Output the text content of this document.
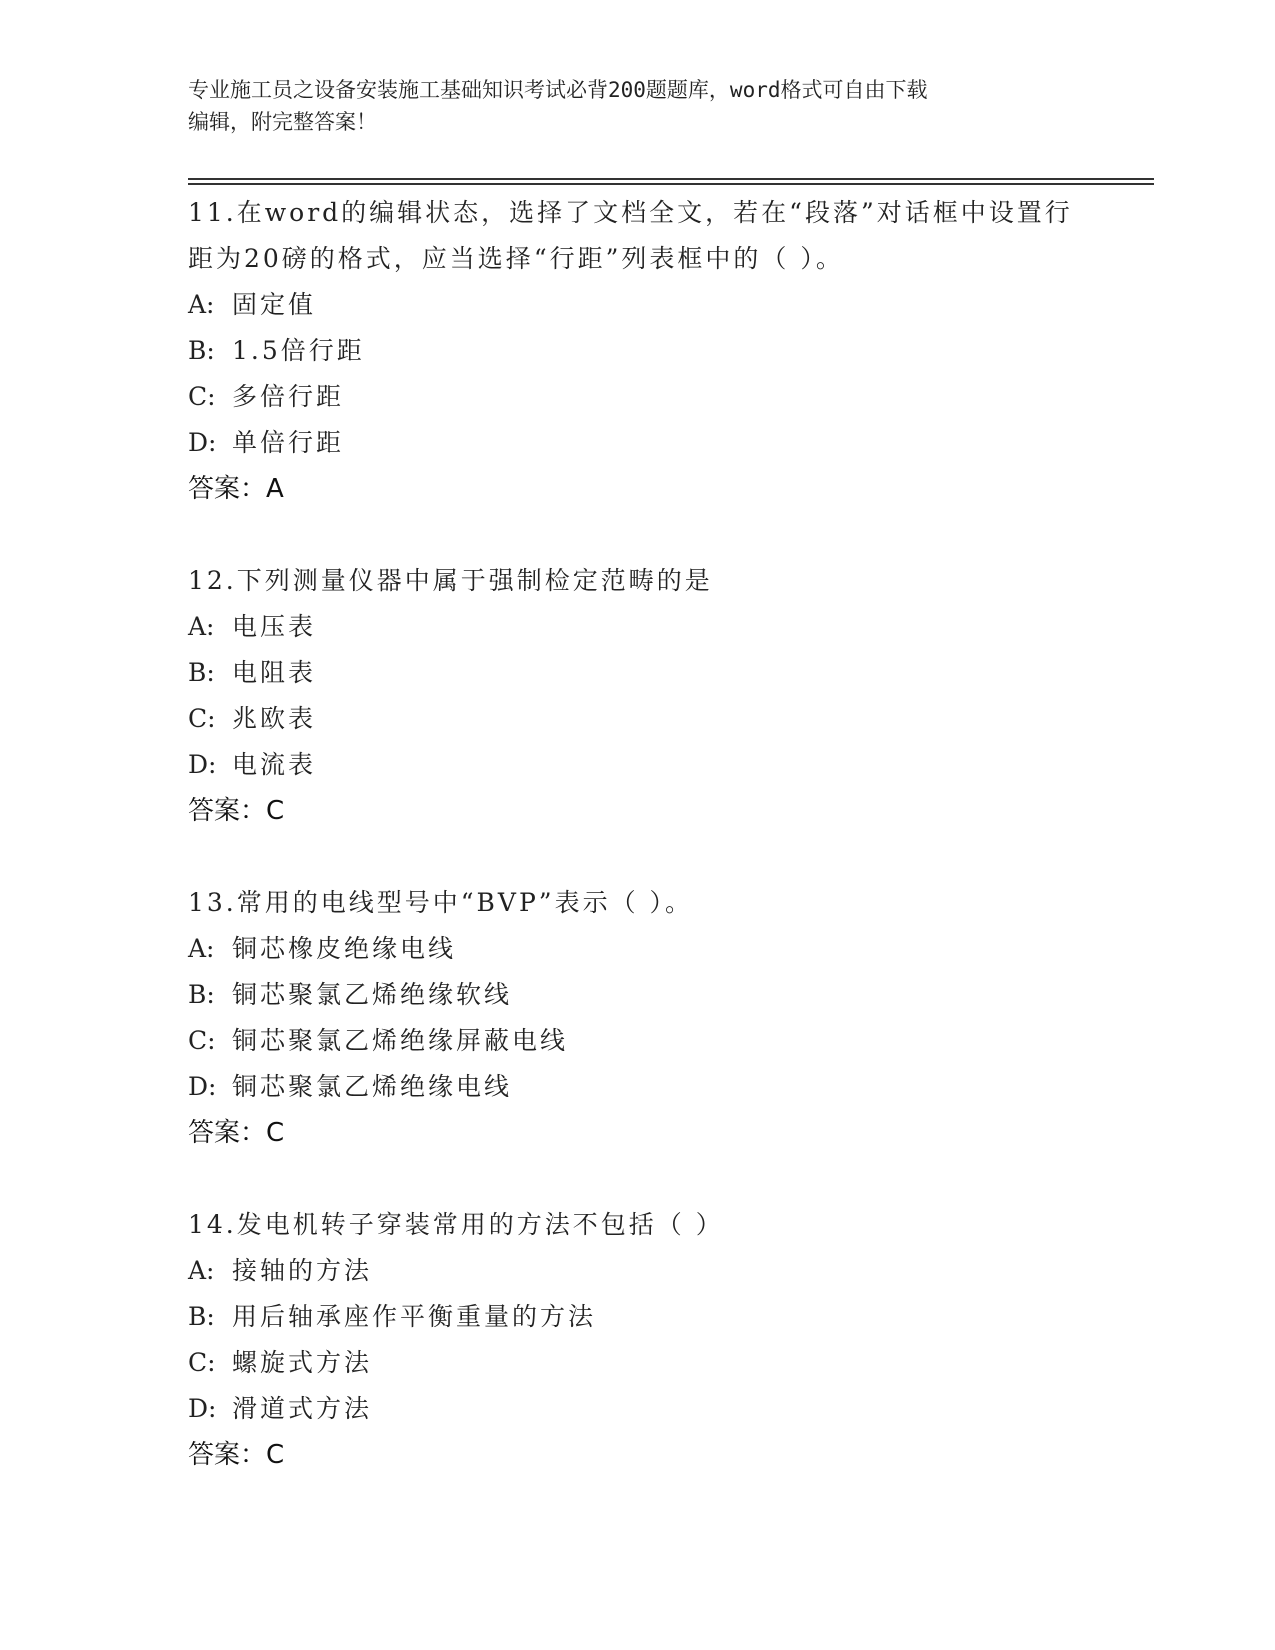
专业施工员之设备安装施工基础知识考试必背200题题库，word格式可自由下载
编辑，附完整答案！

11.在word的编辑状态，选择了文档全文，若在“段落”对话框中设置行距为20磅的格式，应当选择“行距”列表框中的（ ）。

A: 固定值
B: 1.5倍行距
C: 多倍行距
D: 单倍行距
答案：A

12.下列测量仪器中属于强制检定范畴的是

A: 电压表
B: 电阻表
C: 兆欧表
D: 电流表
答案：C

13.常用的电线型号中“BVP”表示（ ）。

A: 铜芯橡皮绝缘电线
B: 铜芯聚氯乙烯绝缘软线
C: 铜芯聚氯乙烯绝缘屏蔽电线
D: 铜芯聚氯乙烯绝缘电线
答案：C

14.发电机转子穿装常用的方法不包括（ ）

A: 接轴的方法
B: 用后轴承座作平衡重量的方法
C: 螺旋式方法
D: 滑道式方法
答案：C
